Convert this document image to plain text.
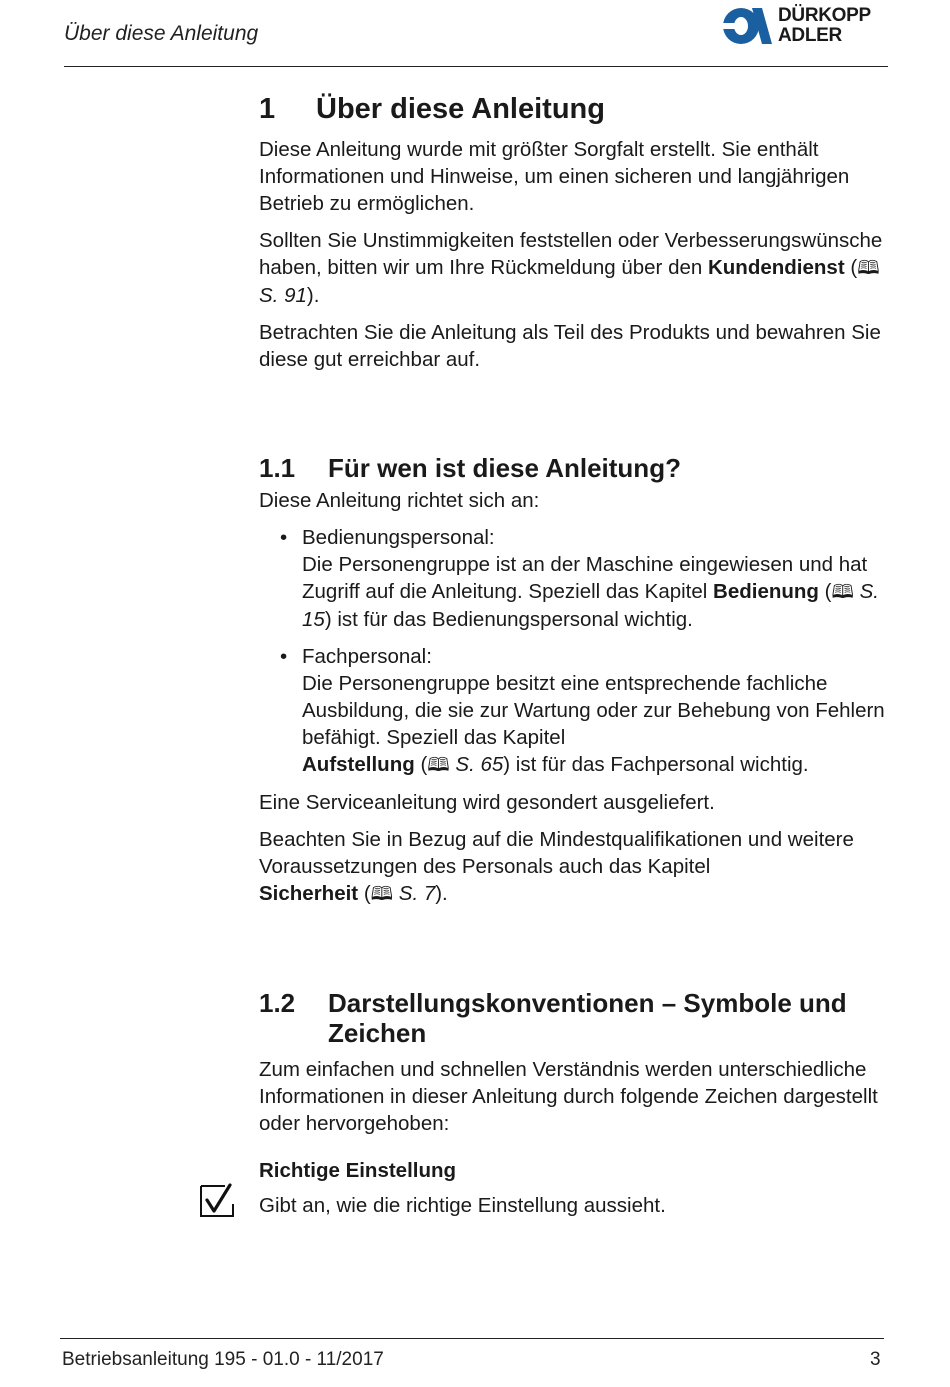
Über diese Anleitung
DÜRKOPP
ADLER
1 Über diese Anleitung

Diese Anleitung wurde mit größter Sorgfalt erstellt. Sie enthält Informationen und Hinweise, um einen sicheren und langjährigen Betrieb zu ermöglichen.

Sollten Sie Unstimmigkeiten feststellen oder Verbesserungswünsche haben, bitten wir um Ihre Rückmeldung über den Kundendienst (🕮 S. 91).

Betrachten Sie die Anleitung als Teil des Produkts und bewahren Sie diese gut erreichbar auf.

1.1	Für wen ist diese Anleitung?

Diese Anleitung richtet sich an:

• Bedienungspersonal:
Die Personengruppe ist an der Maschine eingewiesen und hat Zugriff auf die Anleitung. Speziell das Kapitel Bedienung (🕮 S. 15) ist für das Bedienungspersonal wichtig.
• Fachpersonal:
Die Personengruppe besitzt eine entsprechende fachliche Ausbildung, die sie zur Wartung oder zur Behebung von Fehlern befähigt. Speziell das Kapitel
Aufstellung (🕮 S. 65) ist für das Fachpersonal wichtig.

Eine Serviceanleitung wird gesondert ausgeliefert.

Beachten Sie in Bezug auf die Mindestqualifikationen und weitere Voraussetzungen des Personals auch das Kapitel
Sicherheit (🕮 S. 7).

1.2	Darstellungskonventionen – Symbole und Zeichen

Zum einfachen und schnellen Verständnis werden unterschiedliche Informationen in dieser Anleitung durch folgende Zeichen dargestellt oder hervorgehoben:

Richtige Einstellung

Gibt an, wie die richtige Einstellung aussieht.

Betriebsanleitung 195 - 01.0 - 11/2017	3
